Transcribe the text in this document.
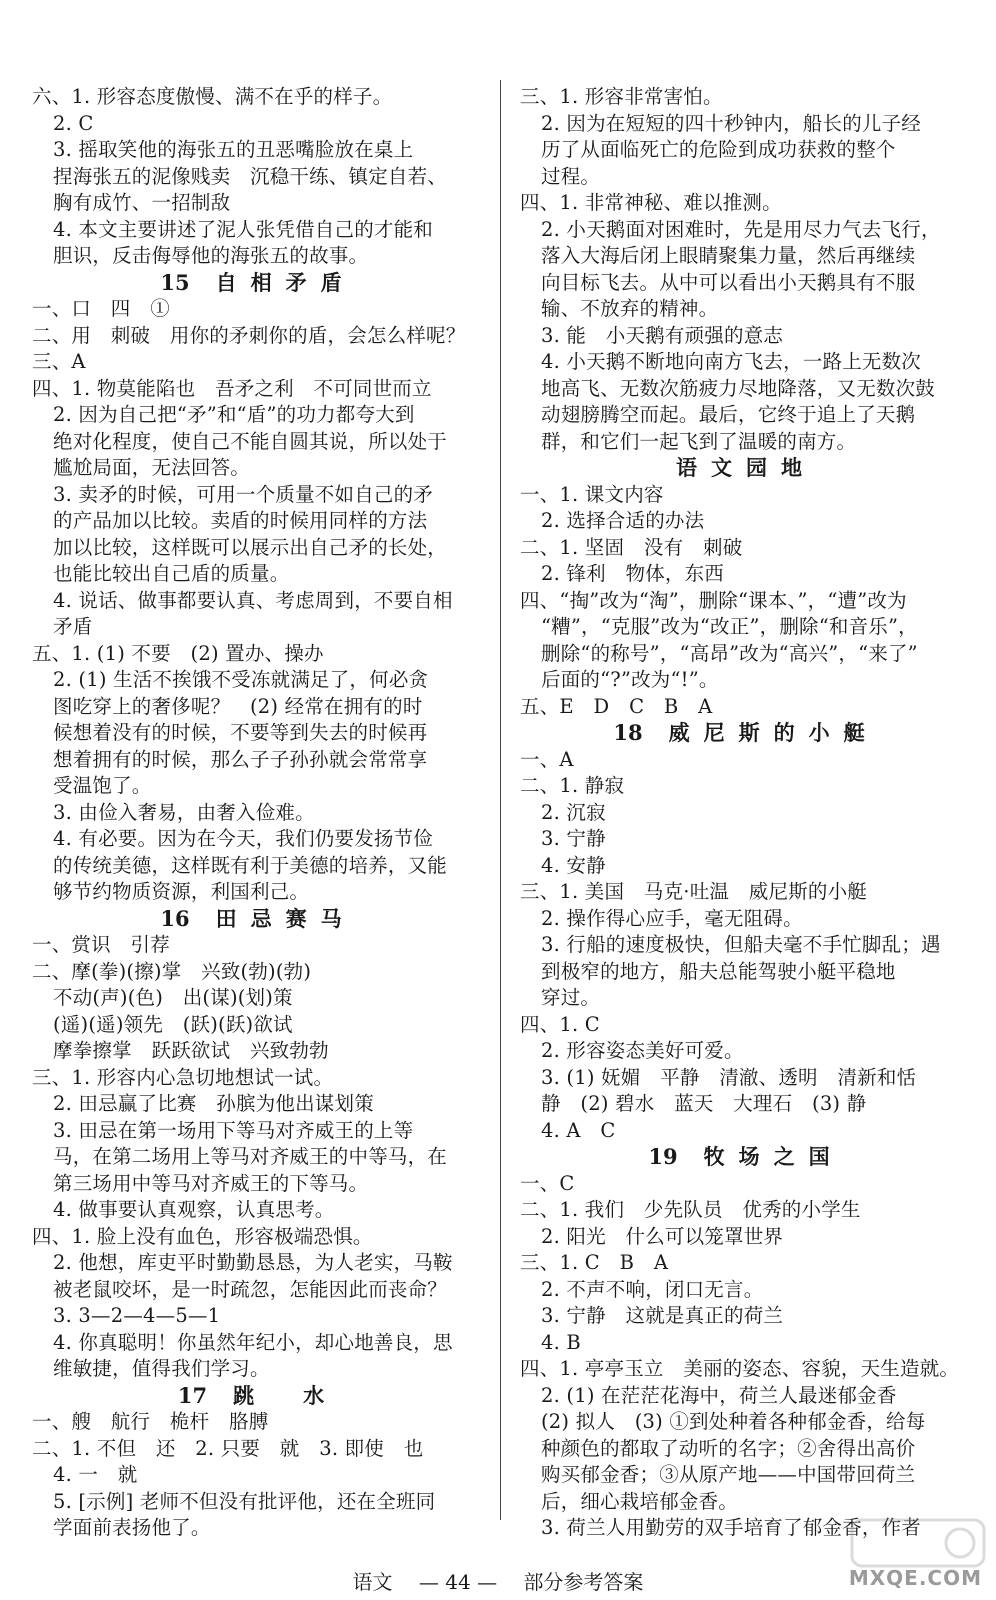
六、1. 形容态度傲慢、满不在乎的样子。
2. C
3. 摇取笑他的海张五的丑恶嘴脸放在桌上
捏海张五的泥像贱卖　沉稳干练、镇定自若、
胸有成竹、一招制敌
4. 本文主要讲述了泥人张凭借自己的才能和
胆识，反击侮辱他的海张五的故事。
15 自相矛盾
一、口　四　①
二、用　刺破　用你的矛刺你的盾，会怎么样呢？
三、A
四、1. 物莫能陷也　吾矛之利　不可同世而立
2. 因为自己把“矛”和“盾”的功力都夸大到
绝对化程度，使自己不能自圆其说，所以处于
尴尬局面，无法回答。
3. 卖矛的时候，可用一个质量不如自己的矛
的产品加以比较。卖盾的时候用同样的方法
加以比较，这样既可以展示出自己矛的长处，
也能比较出自己盾的质量。
4. 说话、做事都要认真、考虑周到，不要自相
矛盾
五、1. (1) 不要　(2) 置办、操办
2. (1) 生活不挨饿不受冻就满足了，何必贪
图吃穿上的奢侈呢？　(2) 经常在拥有的时
候想着没有的时候，不要等到失去的时候再
想着拥有的时候，那么子子孙孙就会常常享
受温饱了。
3. 由俭入奢易，由奢入俭难。
4. 有必要。因为在今天，我们仍要发扬节俭
的传统美德，这样既有利于美德的培养，又能
够节约物质资源，利国利己。
16 田忌赛马
一、赏识　引荐
二、摩(拳)(擦)掌　兴致(勃)(勃)
不动(声)(色)　出(谋)(划)策
(遥)(遥)领先　(跃)(跃)欲试
摩拳擦掌　跃跃欲试　兴致勃勃
三、1. 形容内心急切地想试一试。
2. 田忌赢了比赛　孙膑为他出谋划策
3. 田忌在第一场用下等马对齐威王的上等
马，在第二场用上等马对齐威王的中等马，在
第三场用中等马对齐威王的下等马。
4. 做事要认真观察，认真思考。
四、1. 脸上没有血色，形容极端恐惧。
2. 他想，库吏平时勤勤恳恳，为人老实，马鞍
被老鼠咬坏，是一时疏忽，怎能因此而丧命？
3. 3—2—4—5—1
4. 你真聪明！你虽然年纪小，却心地善良，思
维敏捷，值得我们学习。
17 跳　水
一、艘　航行　桅杆　胳膊
二、1. 不但　还　2. 只要　就　3. 即使　也
4. 一　就
5. [示例] 老师不但没有批评他，还在全班同
学面前表扬他了。
三、1. 形容非常害怕。
2. 因为在短短的四十秒钟内，船长的儿子经
历了从面临死亡的危险到成功获救的整个
过程。
四、1. 非常神秘、难以推测。
2. 小天鹅面对困难时，先是用尽力气去飞行，
落入大海后闭上眼睛聚集力量，然后再继续
向目标飞去。从中可以看出小天鹅具有不服
输、不放弃的精神。
3. 能　小天鹅有顽强的意志
4. 小天鹅不断地向南方飞去，一路上无数次
地高飞、无数次筋疲力尽地降落，又无数次鼓
动翅膀腾空而起。最后，它终于追上了天鹅
群，和它们一起飞到了温暖的南方。
语文园地
一、1. 课文内容
2. 选择合适的办法
二、1. 坚固　没有　刺破
2. 锋利　物体，东西
四、“掏”改为“淘”，删除“课本、”，“遭”改为
“糟”，“克服”改为“改正”，删除“和音乐”，
删除“的称号”，“高昂”改为“高兴”，“来了”
后面的“?”改为“!”。
五、E　D　C　B　A
18 威尼斯的小艇
一、A
二、1. 静寂
2. 沉寂
3. 宁静
4. 安静
三、1. 美国　马克·吐温　威尼斯的小艇
2. 操作得心应手，毫无阻碍。
3. 行船的速度极快，但船夫毫不手忙脚乱；遇
到极窄的地方，船夫总能驾驶小艇平稳地
穿过。
四、1. C
2. 形容姿态美好可爱。
3. (1) 妩媚　平静　清澈、透明　清新和恬
静　(2) 碧水　蓝天　大理石　(3) 静
4. A　C
19 牧场之国
一、C
二、1. 我们　少先队员　优秀的小学生
2. 阳光　什么可以笼罩世界
三、1. C　B　A
2. 不声不响，闭口无言。
3. 宁静　这就是真正的荷兰
4. B
四、1. 亭亭玉立　美丽的姿态、容貌，天生造就。
2. (1) 在茫茫花海中，荷兰人最迷郁金香
(2) 拟人　(3) ①到处种着各种郁金香，给每
种颜色的都取了动听的名字；②舍得出高价
购买郁金香；③从原产地——中国带回荷兰
后，细心栽培郁金香。
3. 荷兰人用勤劳的双手培育了郁金香，作者
语文 — 44 — 部分参考答案	MXQE.COM
